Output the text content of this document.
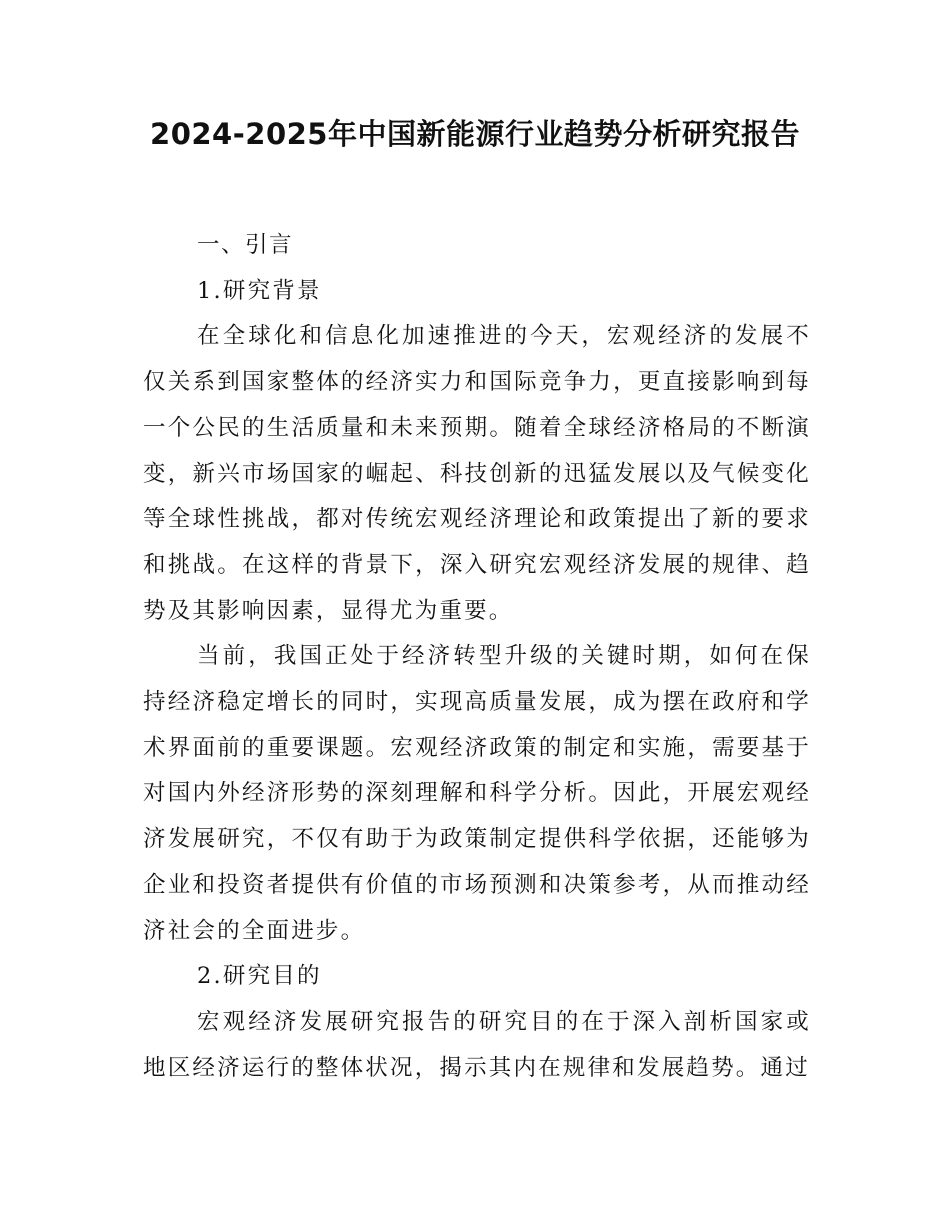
2024-2025年中国新能源行业趋势分析研究报告

一、引言

1.研究背景

在全球化和信息化加速推进的今天，宏观经济的发展不仅关系到国家整体的经济实力和国际竞争力，更直接影响到每一个公民的生活质量和未来预期。随着全球经济格局的不断演变，新兴市场国家的崛起、科技创新的迅猛发展以及气候变化等全球性挑战，都对传统宏观经济理论和政策提出了新的要求和挑战。在这样的背景下，深入研究宏观经济发展的规律、趋势及其影响因素，显得尤为重要。

当前，我国正处于经济转型升级的关键时期，如何在保持经济稳定增长的同时，实现高质量发展，成为摆在政府和学术界面前的重要课题。宏观经济政策的制定和实施，需要基于对国内外经济形势的深刻理解和科学分析。因此，开展宏观经济发展研究，不仅有助于为政策制定提供科学依据，还能够为企业和投资者提供有价值的市场预测和决策参考，从而推动经济社会的全面进步。

2.研究目的

宏观经济发展研究报告的研究目的在于深入剖析国家或地区经济运行的整体状况，揭示其内在规律和发展趋势。通过
